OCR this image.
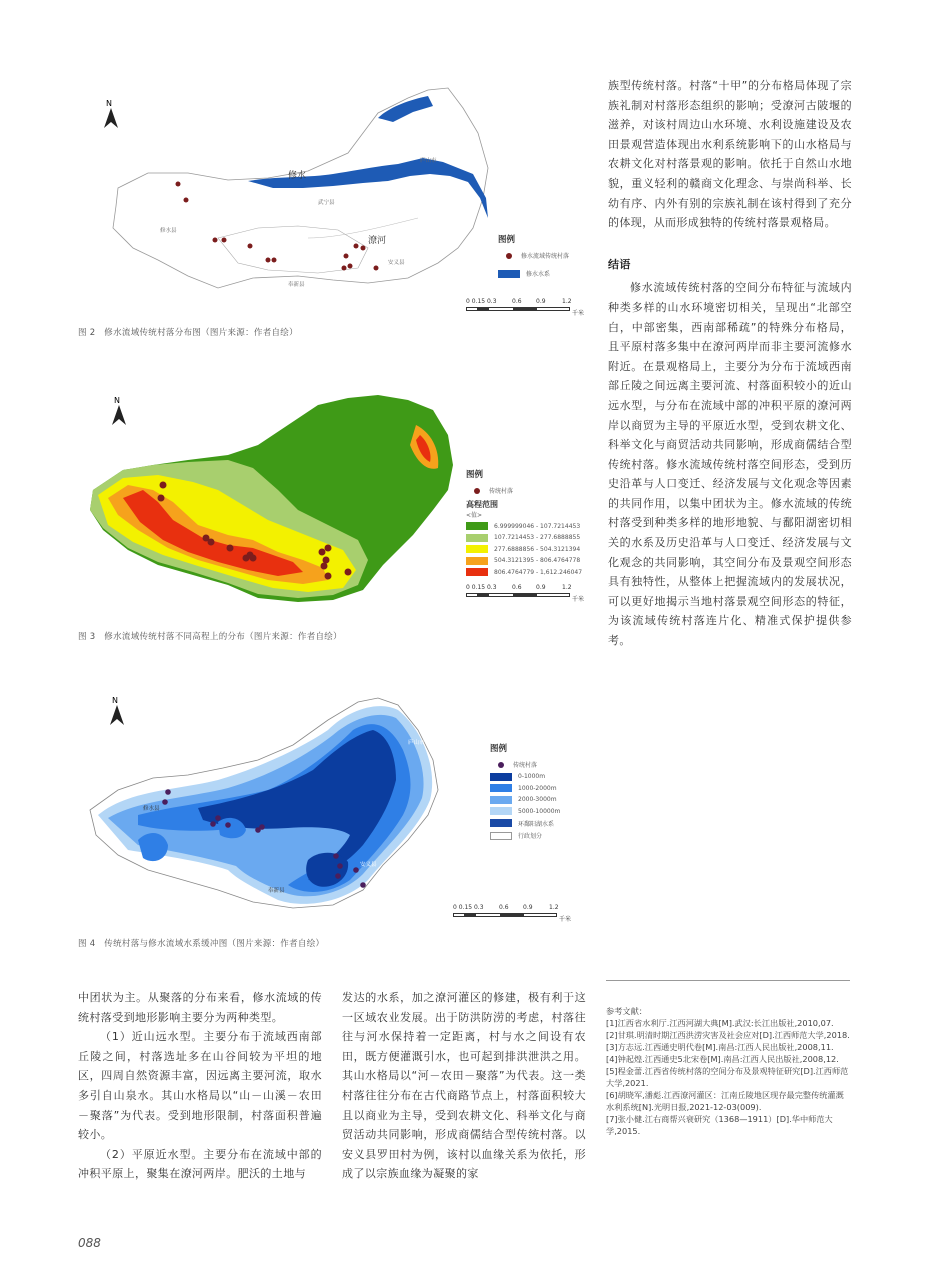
N
修水
潦河
修水县
武宁县
奉新县
安义县
庐山市
图例
修水流域传统村落
修水水系
0 0.15 0.3	0.6 0.9	1.2
千米
图 2　修水流域传统村落分布图（图片来源：作者自绘）
N
图例
传统村落
高程范围
<值>
6.999999046 - 107.7214453
107.7214453 - 277.6888855
277.6888856 - 504.3121394
504.3121395 - 806.4764778
806.4764779 - 1,612.246047
0 0.15 0.3	0.6 0.9	1.2
千米
图 3　修水流域传统村落不同高程上的分布（图片来源：作者自绘）
N
庐山市
修水县
安义县
奉新县
图例
传统村落
0-1000m
1000-2000m
2000-3000m
5000-10000m
环鄱阳湖水系
行政划分
0 0.15 0.3	0.6 0.9	1.2
千米
图 4　传统村落与修水流域水系缓冲图（图片来源：作者自绘）

族型传统村落。村落“十甲”的分布格局体现了宗族礼制对村落形态组织的影响；受潦河古陂堰的滋养，对该村周边山水环境、水利设施建设及农田景观营造体现出水利系统影响下的山水格局与农耕文化对村落景观的影响。依托于自然山水地貌，重义轻利的赣商文化理念、与崇尚科举、长幼有序、内外有别的宗族礼制在该村得到了充分的体现，从而形成独特的传统村落景观格局。

结语

修水流域传统村落的空间分布特征与流域内种类多样的山水环境密切相关，呈现出“北部空白，中部密集，西南部稀疏”的特殊分布格局，且平原村落多集中在潦河两岸而非主要河流修水附近。在景观格局上，主要分为分布于流域西南部丘陵之间远离主要河流、村落面积较小的近山远水型，与分布在流域中部的冲积平原的潦河两岸以商贸为主导的平原近水型，受到农耕文化、科举文化与商贸活动共同影响，形成商儒结合型传统村落。修水流域传统村落空间形态，受到历史沿革与人口变迁、经济发展与文化观念等因素的共同作用，以集中团状为主。修水流域的传统村落受到种类多样的地形地貌、与鄱阳湖密切相关的水系及历史沿革与人口变迁、经济发展与文化观念的共同影响，其空间分布及景观空间形态具有独特性，从整体上把握流域内的发展状况，可以更好地揭示当地村落景观空间形态的特征，为该流域传统村落连片化、精准式保护提供参考。

中团状为主。从聚落的分布来看，修水流域的传统村落受到地形影响主要分为两种类型。

（1）近山远水型。主要分布于流域西南部丘陵之间，村落选址多在山谷间较为平坦的地区，四周自然资源丰富，因远离主要河流，取水多引自山泉水。其山水格局以“山－山溪－农田－聚落”为代表。受到地形限制，村落面积普遍较小。

（2）平原近水型。主要分布在流域中部的冲积平原上，聚集在潦河两岸。肥沃的土地与

发达的水系，加之潦河灌区的修建，极有利于这一区域农业发展。出于防洪防涝的考虑，村落往往与河水保持着一定距离，村与水之间设有农田，既方便灌溉引水，也可起到排洪泄洪之用。其山水格局以“河－农田－聚落”为代表。这一类村落往往分布在古代商路节点上，村落面积较大且以商业为主导，受到农耕文化、科举文化与商贸活动共同影响，形成商儒结合型传统村落。以安义县罗田村为例，该村以血缘关系为依托，形成了以宗族血缘为凝聚的家

参考文献：
[1]江西省水利厅.江西河湖大典[M].武汉:长江出版社,2010,07.
[2]甘琪.明清时期江西洪涝灾害及社会应对[D].江西师范大学,2018.
[3]方志远.江西通史明代卷[M].南昌:江西人民出版社,2008,11.
[4]钟起煌.江西通史5北宋卷[M].南昌:江西人民出版社,2008,12.
[5]程金蕾.江西省传统村落的空间分布及景观特征研究[D].江西师范大学,2021.
[6]胡晓军,潘彪.江西潦河灌区：江南丘陵地区现存最完整传统灌溉水利系统[N].光明日报,2021-12-03(009).
[7]张小健.江右商帮兴衰研究（1368—1911）[D].华中师范大学,2015.
088
